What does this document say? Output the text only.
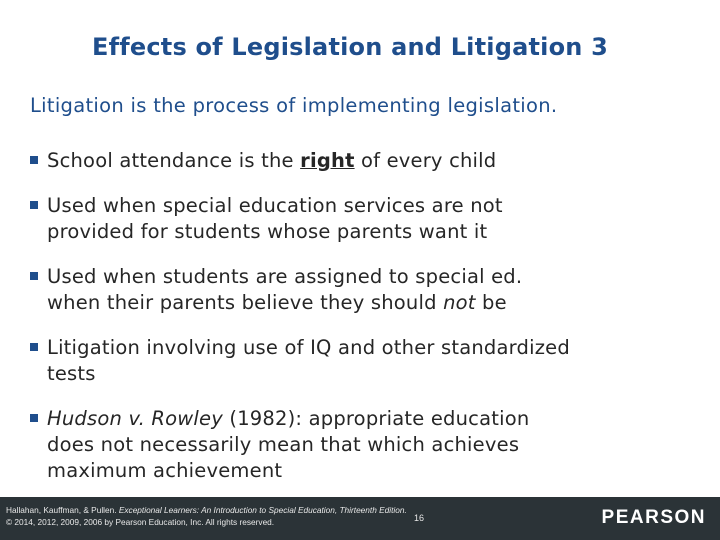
Effects of Legislation and Litigation 3
Litigation is the process of implementing legislation.
School attendance is the right of every child
Used when special education services are not
provided for students whose parents want it
Used when students are assigned to special ed.
when their parents believe they should not be
Litigation involving use of IQ and other standardized
tests
Hudson v. Rowley (1982): appropriate education
does not necessarily mean that which achieves
maximum achievement
Hallahan, Kauffman, & Pullen. Exceptional Learners: An Introduction to Special Education, Thirteenth Edition.
© 2014, 2012, 2009, 2006 by Pearson Education, Inc. All rights reserved.	16	PEARSON
